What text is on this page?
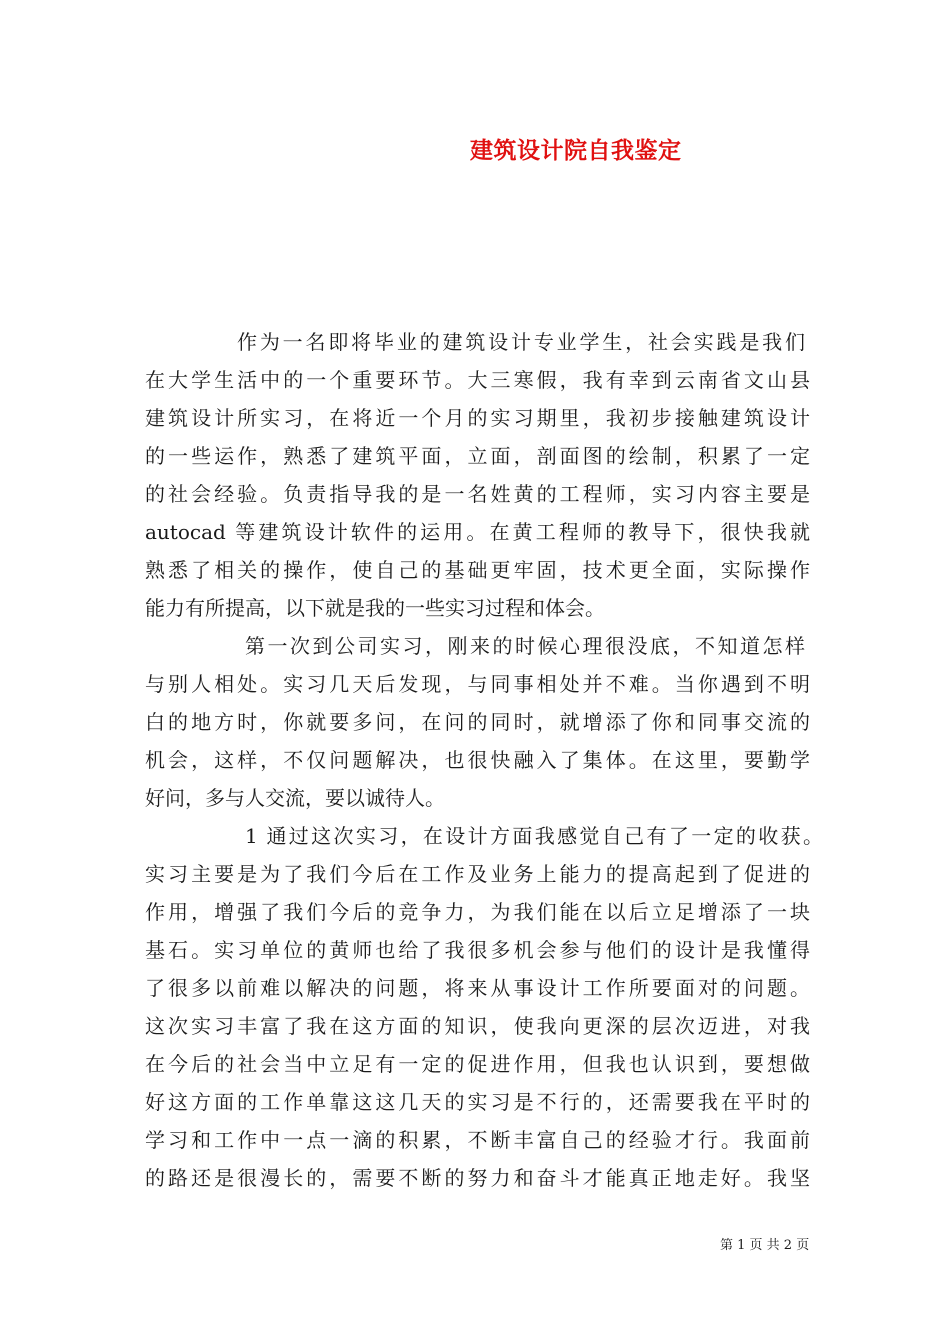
建筑设计院自我鉴定
作为一名即将毕业的建筑设计专业学生，社会实践是我们
在大学生活中的一个重要环节。大三寒假，我有幸到云南省文山县
建筑设计所实习，在将近一个月的实习期里，我初步接触建筑设计
的一些运作，熟悉了建筑平面，立面，剖面图的绘制，积累了一定
的社会经验。负责指导我的是一名姓黄的工程师，实习内容主要是
autocad 等建筑设计软件的运用。在黄工程师的教导下，很快我就
熟悉了相关的操作，使自己的基础更牢固，技术更全面，实际操作
能力有所提高，以下就是我的一些实习过程和体会。
第一次到公司实习，刚来的时候心理很没底，不知道怎样
与别人相处。实习几天后发现，与同事相处并不难。当你遇到不明
白的地方时，你就要多问，在问的同时，就增添了你和同事交流的
机会，这样，不仅问题解决，也很快融入了集体。在这里，要勤学
好问，多与人交流，要以诚待人。
1 通过这次实习，在设计方面我感觉自己有了一定的收获。
实习主要是为了我们今后在工作及业务上能力的提高起到了促进的
作用，增强了我们今后的竞争力，为我们能在以后立足增添了一块
基石。实习单位的黄师也给了我很多机会参与他们的设计是我懂得
了很多以前难以解决的问题，将来从事设计工作所要面对的问题。
这次实习丰富了我在这方面的知识，使我向更深的层次迈进，对我
在今后的社会当中立足有一定的促进作用，但我也认识到，要想做
好这方面的工作单靠这这几天的实习是不行的，还需要我在平时的
学习和工作中一点一滴的积累，不断丰富自己的经验才行。我面前
的路还是很漫长的，需要不断的努力和奋斗才能真正地走好。我坚
第 1 页 共 2 页
